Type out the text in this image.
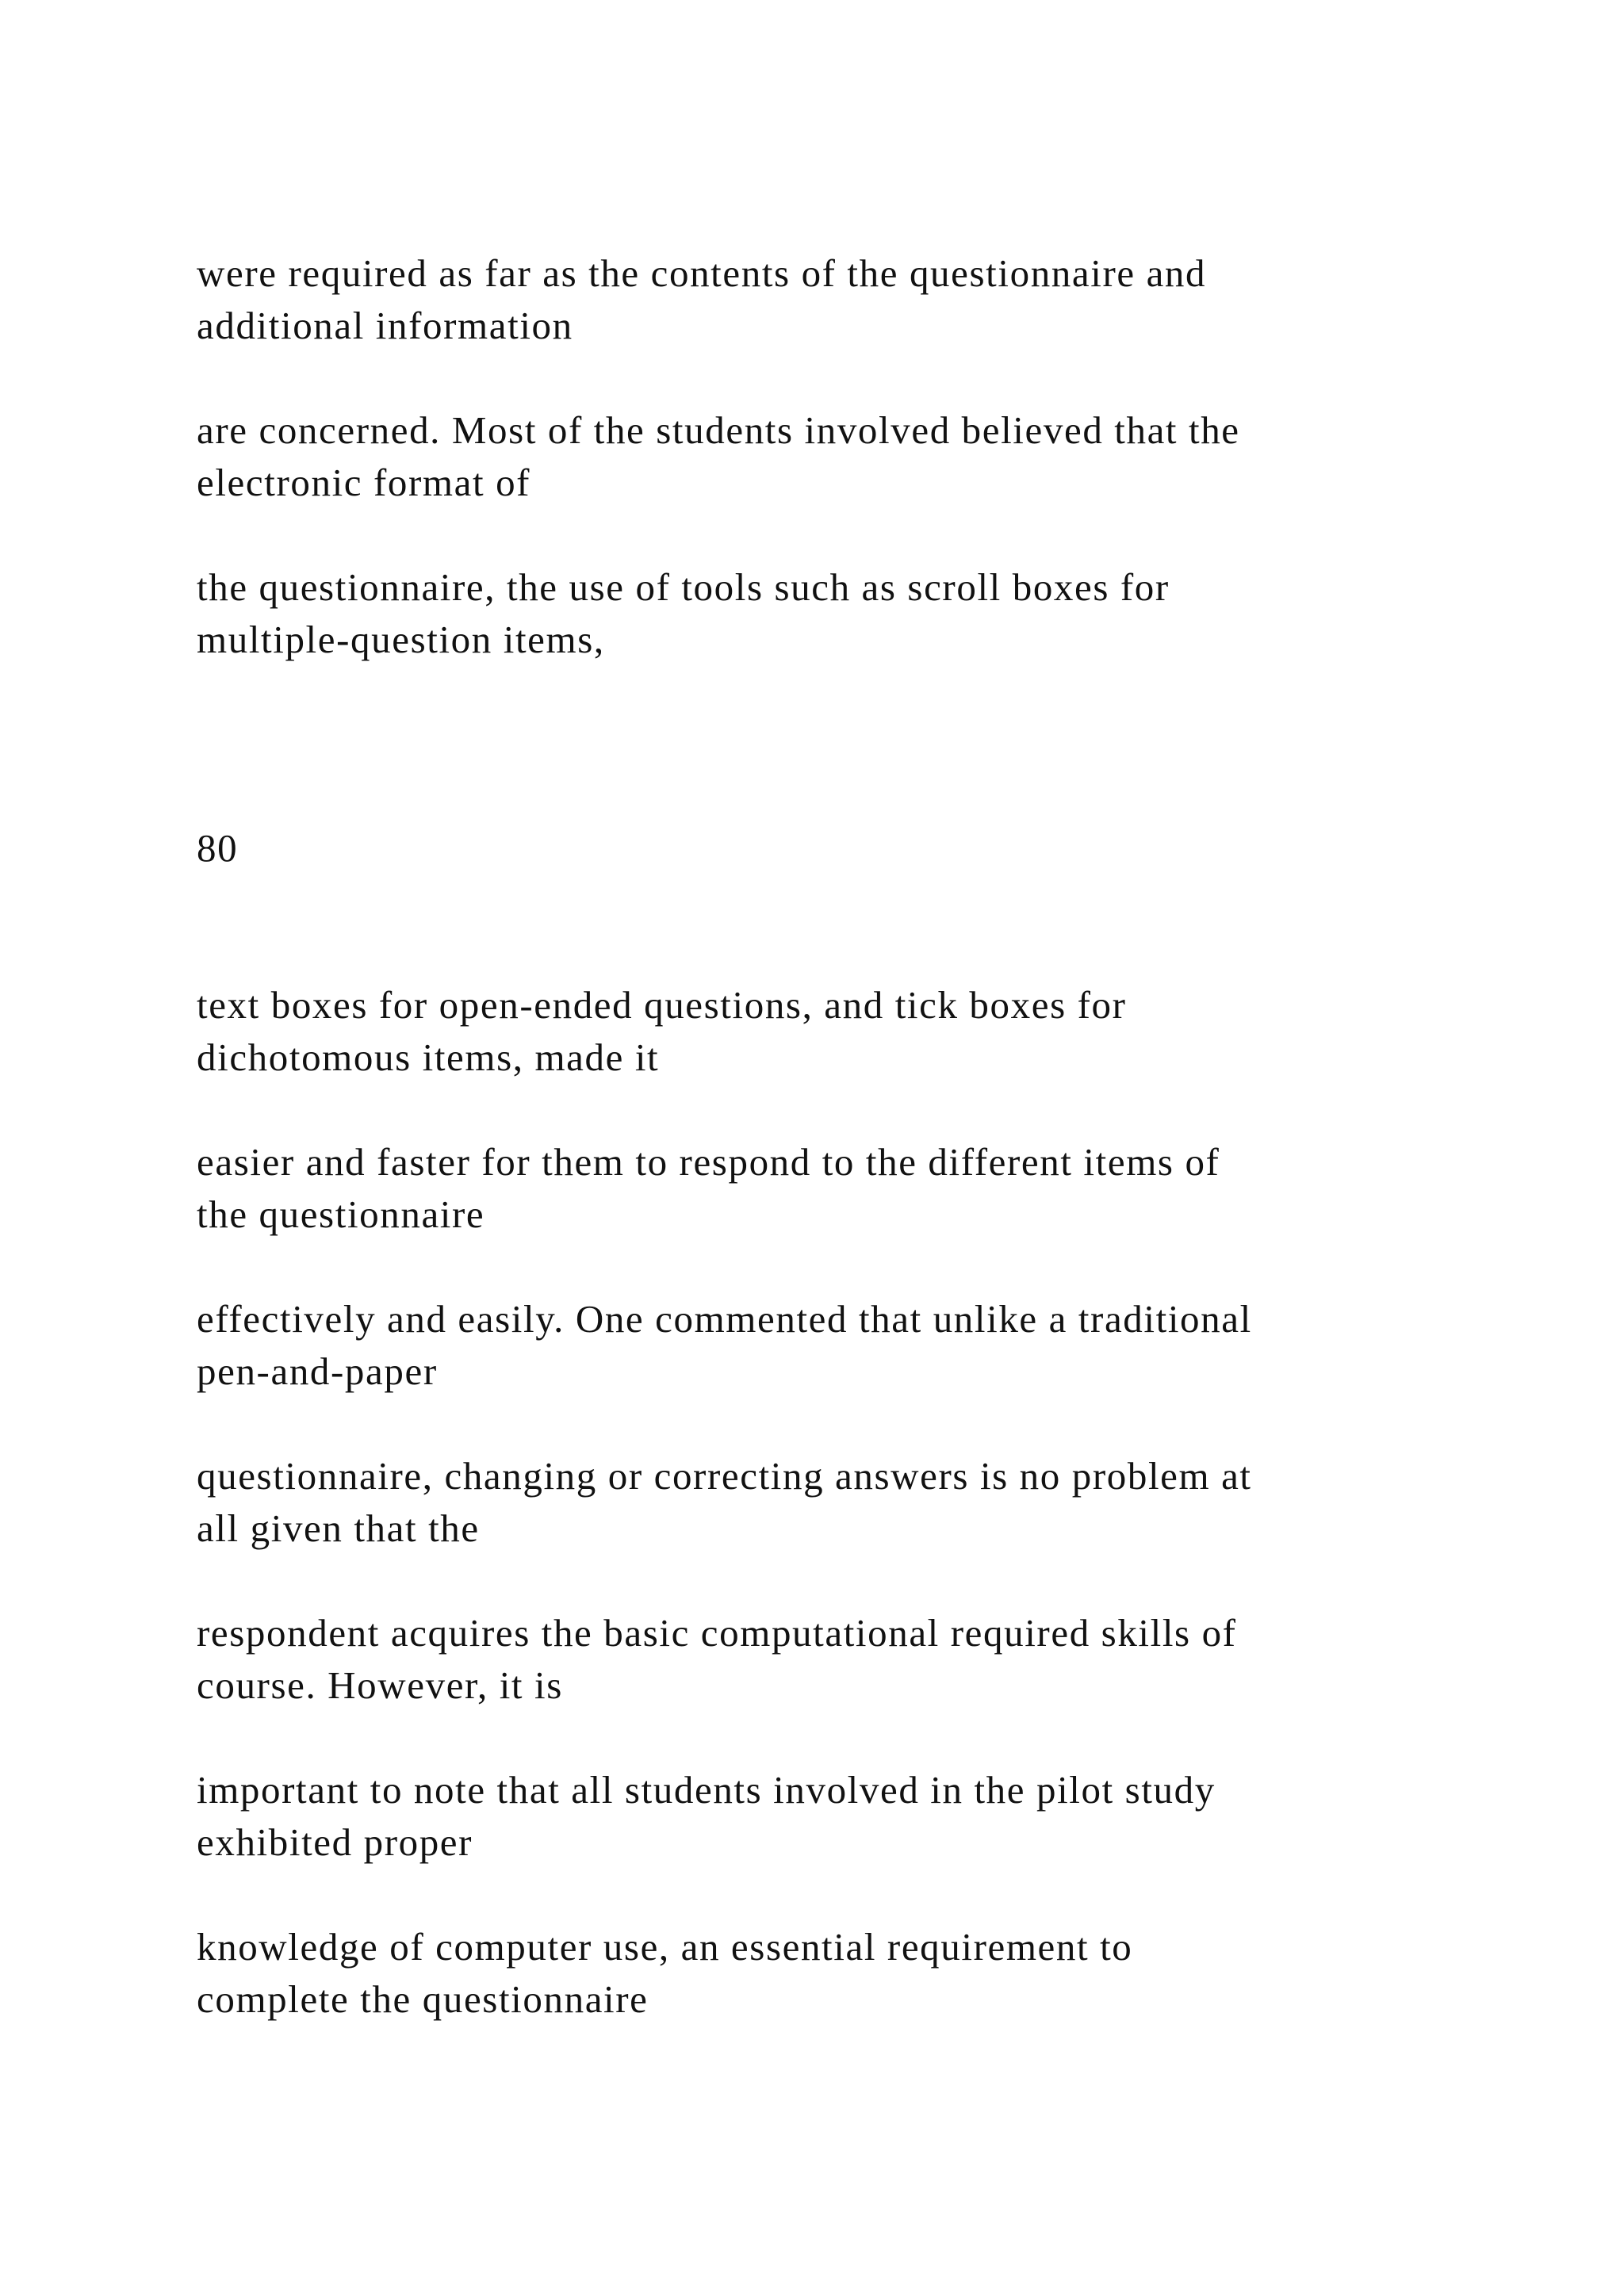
were required as far as the contents of the questionnaire and
additional information

are concerned. Most of the students involved believed that the
electronic format of

the questionnaire, the use of tools such as scroll boxes for
multiple-question items,

80

text boxes for open-ended questions, and tick boxes for
dichotomous items, made it

easier and faster for them to respond to the different items of
the questionnaire

effectively and easily. One commented that unlike a traditional
pen-and-paper

questionnaire, changing or correcting answers is no problem at
all given that the

respondent acquires the basic computational required skills of
course. However, it is

important to note that all students involved in the pilot study
exhibited proper

knowledge of computer use, an essential requirement to
complete the questionnaire
